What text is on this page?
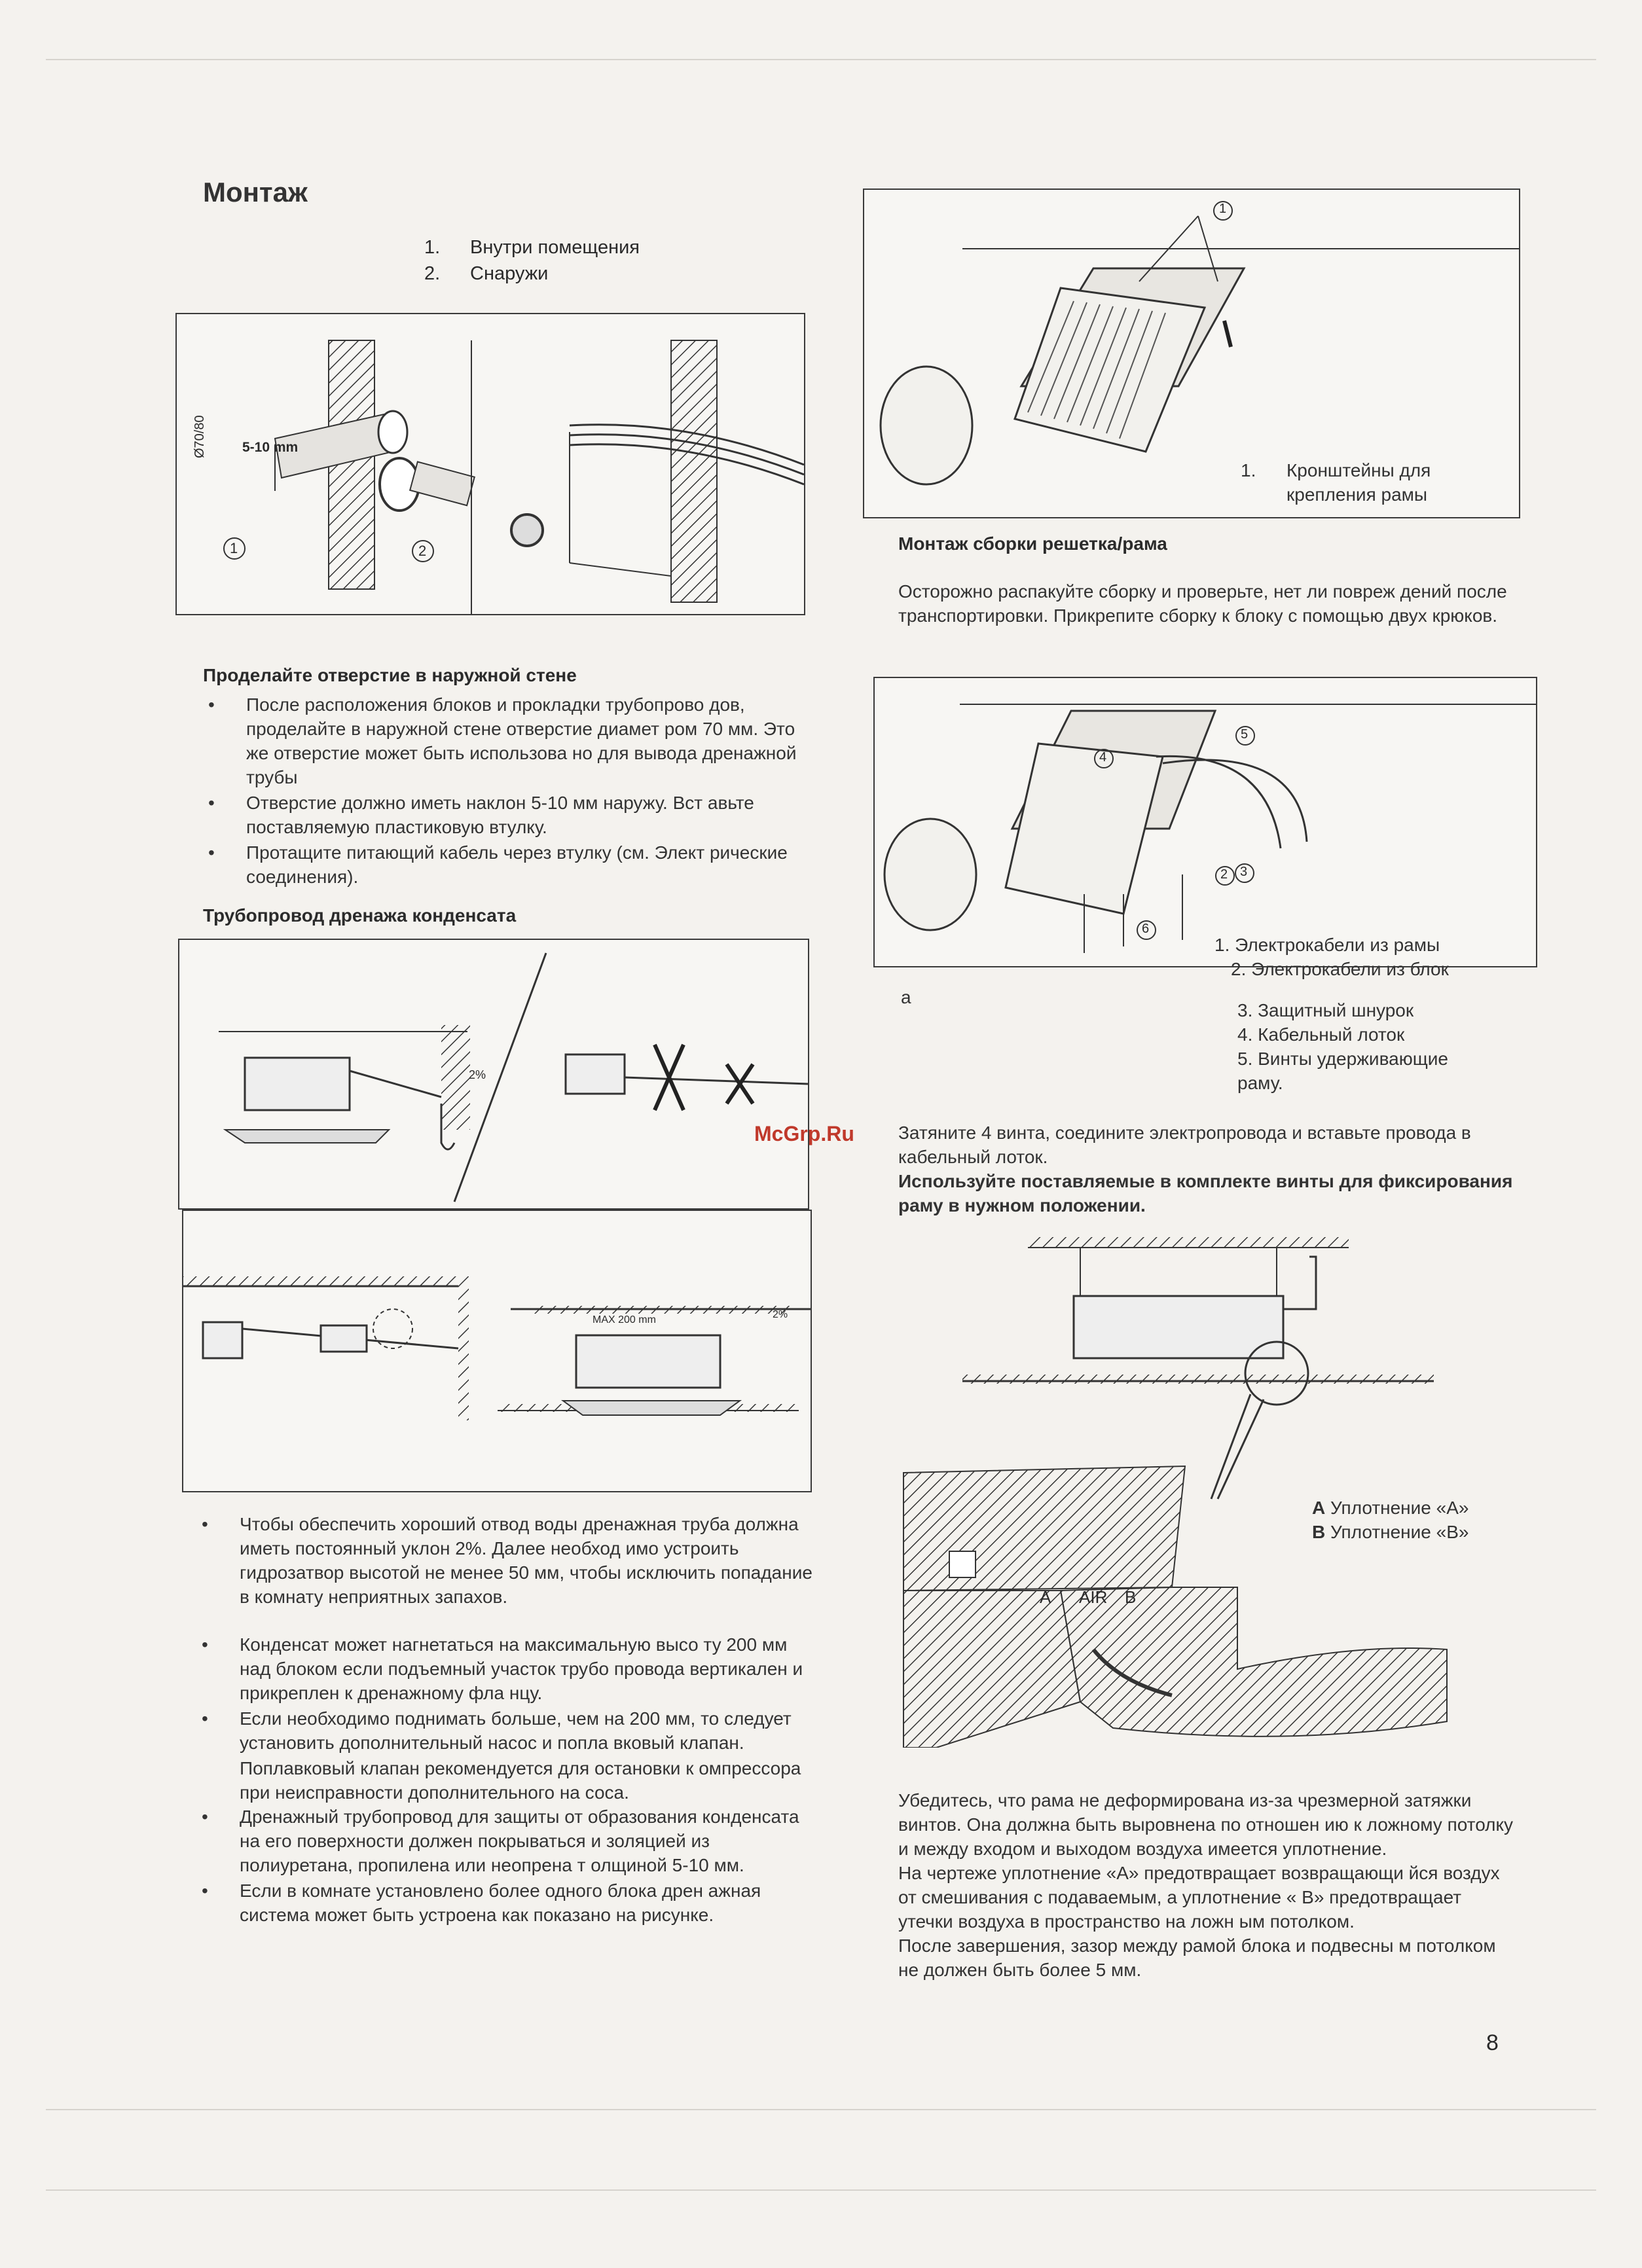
Монтаж
1. Внутри помещения
2. Снаружи
5-10 mm
Ø70/80
1	2
Проделайте отверстие в наружной стене
• После расположения блоков и прокладки трубопрово дов, проделайте в наружной стене отверстие диамет ром 70 мм. Это же отверстие может быть использова но для вывода дренажной трубы
• Отверстие должно иметь наклон 5-10 мм наружу. Вст авьте поставляемую пластиковую втулку.
• Протащите питающий кабель через втулку (см. Элект рические соединения).
Трубопровод дренажа конденсата
2%
MAX 200 mm	2%
• Чтобы обеспечить хороший отвод воды дренажная труба должна иметь постоянный уклон 2%. Далее необход имо устроить гидрозатвор высотой не менее 50 мм, чтобы исключить попадание в комнату неприятных запахов.
• Конденсат может нагнетаться на максимальную высо ту 200 мм над блоком если подъемный участок трубо провода вертикален и прикреплен к дренажному фла нцу.
• Если необходимо поднимать больше, чем на 200 мм, то следует установить дополнительный насос и попла вковый клапан.
Поплавковый клапан рекомендуется для остановки к омпрессора при неисправности дополнительного на соса.
• Дренажный трубопровод для защиты от образования конденсата на его поверхности должен покрываться и золяцией из полиуретана, пропилена или неопрена т олщиной 5-10 мм.
• Если в комнате установлено более одного блока дрен ажная система может быть устроена как показано на рисунке.
1
1. Кронштейны для крепления рамы
Монтаж сборки решетка/рама
Осторожно распакуйте сборку и проверьте, нет ли повреж дений после транспортировки. Прикрепите сборку к блоку с помощью двух крюков.
4
5
2 3
6
1. Электрокабели из рамы
2. Электрокабели из блок
3. Защитный шнурок
4. Кабельный лоток
5. Винты удерживающие раму.
а
McGrp.Ru Затяните 4 винта, соедините электропровода и вставьте провода в кабельный лоток.
Используйте поставляемые в комплекте винты для фиксирования раму в нужном положении.
A AIR B
A Уплотнение «A»
B Уплотнение «B»
Убедитесь, что рама не деформирована из-за чрезмерной затяжки винтов. Она должна быть выровнена по отношен ию к ложному потолку и между входом и выходом воздуха имеется уплотнение.
На чертеже уплотнение «A» предотвращает возвращающи йся воздух от смешивания с подаваемым, а уплотнение « B» предотвращает утечки воздуха в пространство на ложн ым потолком.
После завершения, зазор между рамой блока и подвесны м потолком не должен быть более 5 мм.
8
